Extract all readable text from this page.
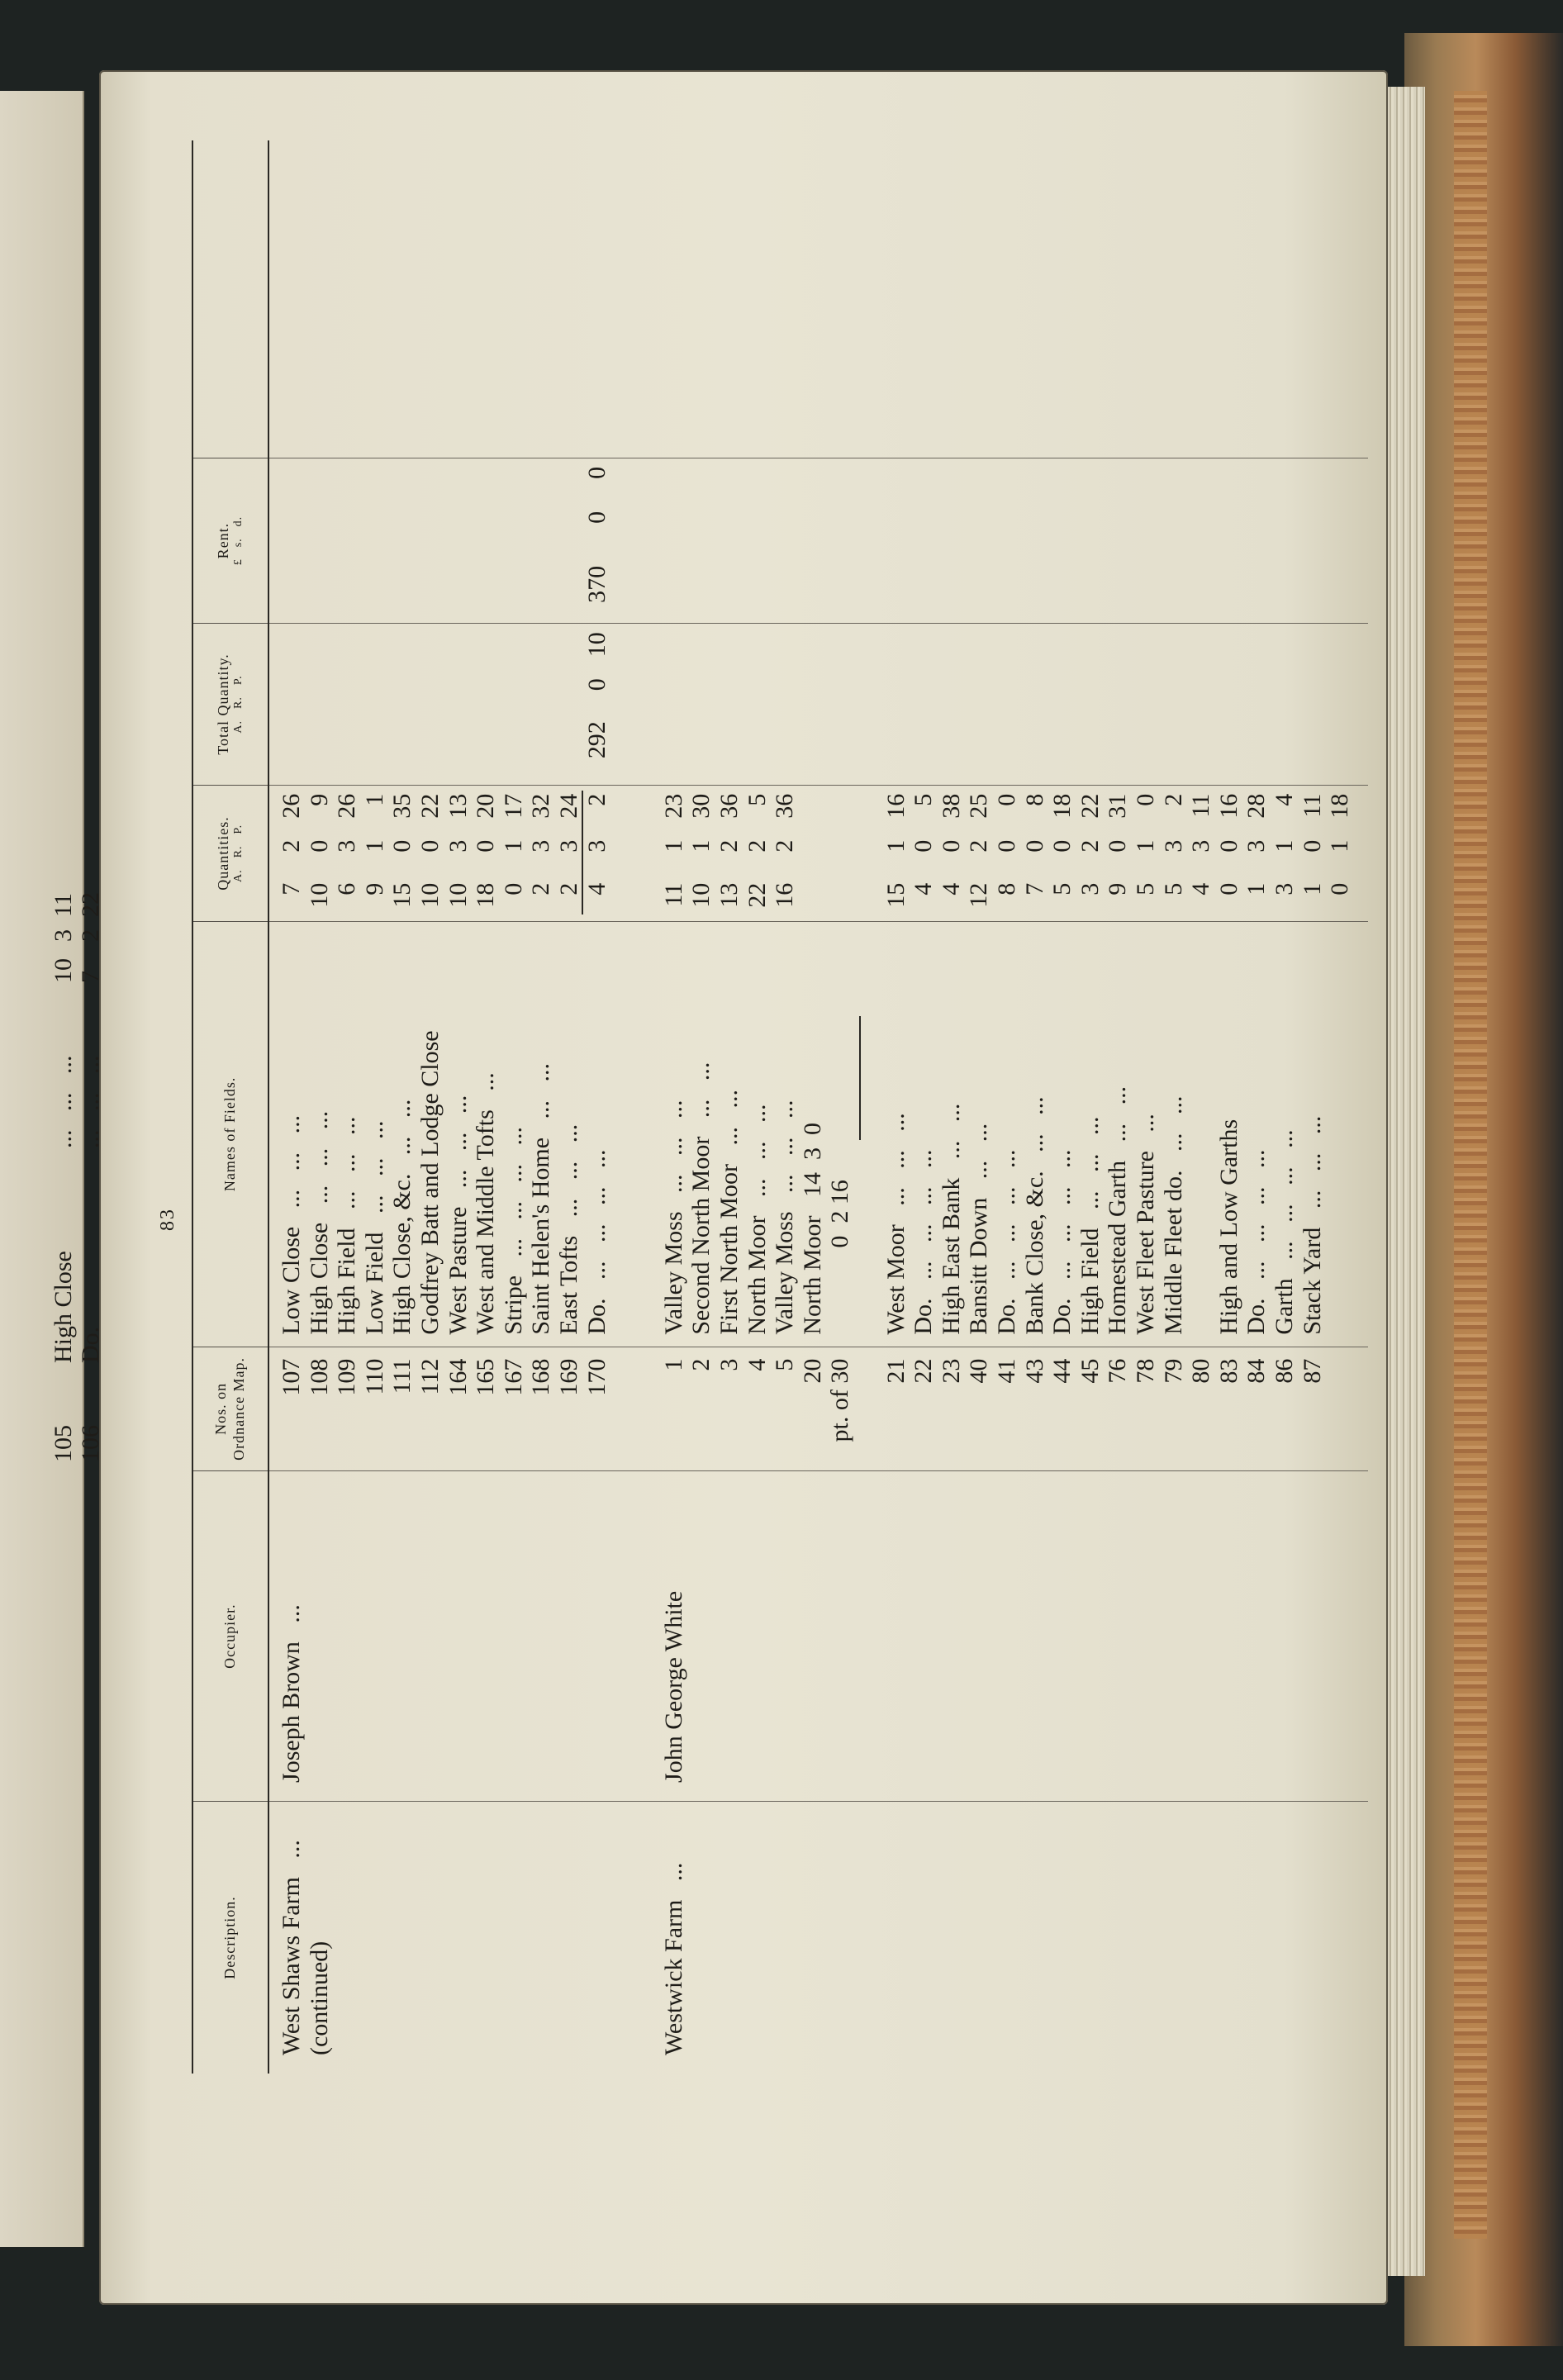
83
105High Close...   ...   ...10311
106Do....   ...   ...7222
Description.
Occupier.
Nos. on Ordnance Map.
Names of Fields.
Quantities. A.
R.
P.
Total Quantity. A.
R.
P.
Rent.
£
s.
d.
West Shaws Farm   ... (continued)	Westwick Farm   ...
Joseph Brown   ...	John George White
107 108 109 110 111 112 164 165 167 168 169 170 1 2 3 4 5 20 pt. of 30 21 22 23 40 41 43 44 45 76 78 79 80 83 84 86 87
Low Close   ...   ...   ... High Close   ...   ...   ... High Field   ...   ...   ... Low Field   ...   ...   ... High Close, &c.   ...   ... Godfrey Batt and Lodge Close West Pasture   ...   ...   ... West and Middle Tofts   ... Stripe   ...   ...   ...   ... Saint Helen's Home   ...   ... East Tofts   ...   ...   ... Do.   ...   ...   ...   ... Valley Moss   ...   ...   ... Second North Moor   ...   ... First North Moor   ...   ... North Moor   ...   ...   ... Valley Moss   ...   ...   ... North Moor   14  3  0 0  2 16 West Moor   ...   ...   ... Do.   ...   ...   ...   ... High East Bank   ...   ... Bansitt Down   ...   ... Do.   ...   ...   ...   ... Bank Close, &c.   ...   ... Do.   ...   ...   ...   ... High Field   ...   ...   ... Homestead Garth   ...   ... West Fleet Pasture   ... Middle Fleet do.   ...   ... High and Low Garths Do.   ...   ...   ...   ... Garth   ...   ...   ...   ... Stack Yard   ...   ...   ...
7
2
26
10
0
9
6
3
26
9
1
1
15
0
35
10
0
22
10
3
13
18
0
20
0
1
17
2
3
32
2
3
24
4
3
2
11
1
23
10
1
30
13
2
36
22
2
5
16
2
36
15
1
16
4
0
5
4
0
38
12
2
25
8
0
0
7
0
8
5
0
18
3
2
22
9
0
31
5
1
0
5
3
2
4
3
11
0
0
16
1
3
28
3
1
4
1
0
11
0
1
18
292
0
10
370
0
0
